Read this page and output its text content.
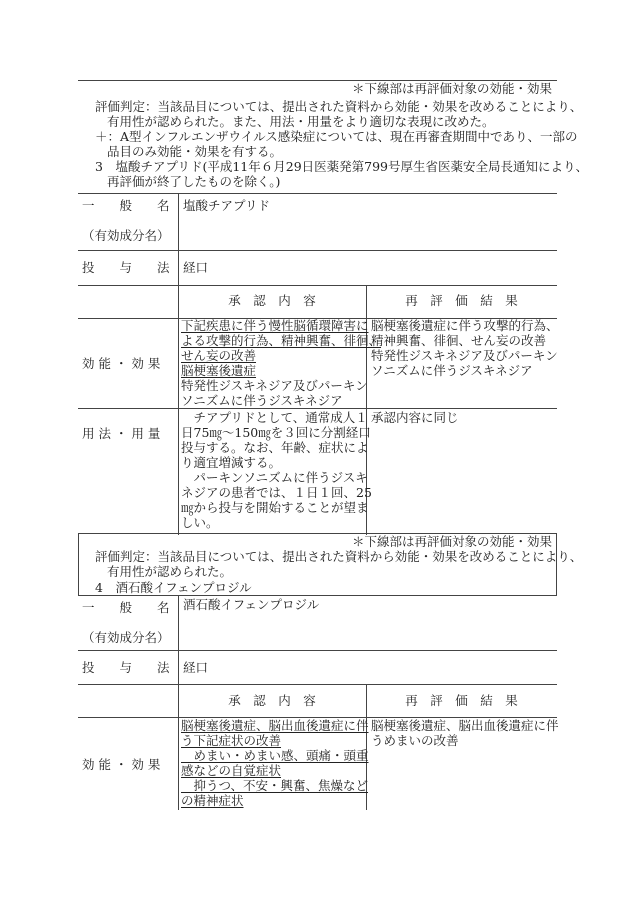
＊下線部は再評価対象の効能・効果
評価判定：当該品目については、提出された資料から効能・効果を改めることにより、
有用性が認められた。また、用法・用量をより適切な表現に改めた。
＋：A型インフルエンザウイルス感染症については、現在再審査期間中であり、一部の
品目のみ効能・効果を有する。
3　塩酸チアプリド(平成11年６月29日医薬発第799号厚生省医薬安全局長通知により、
再評価が終了したものを除く。)
一　　般　　名
（有効成分名）
塩酸チアプリド
投　　与　　法 経口
承　認　内　容	再　評　価　結　果
効 能 ・ 効 果
下記疾患に伴う慢性脳循環障害に
よる攻撃的行為、精神興奮、徘徊、
せん妄の改善
脳梗塞後遺症
特発性ジスキネジア及びパーキン
ソニズムに伴うジスキネジア
脳梗塞後遺症に伴う攻撃的行為、
精神興奮、徘徊、せん妄の改善
特発性ジスキネジア及びパーキン
ソニズムに伴うジスキネジア
用 法 ・ 用 量
　チアプリドとして、通常成人１
日75㎎～150㎎を３回に分割経口
投与する。なお、年齢、症状によ
り適宜増減する。
　パーキンソニズムに伴うジスキ
ネジアの患者では、１日１回、25
㎎から投与を開始することが望ま
しい。
承認内容に同じ
＊下線部は再評価対象の効能・効果
評価判定：当該品目については、提出された資料から効能・効果を改めることにより、
有用性が認められた。
4　酒石酸イフェンプロジル
一　　般　　名
（有効成分名）
酒石酸イフェンプロジル
投　　与　　法 経口
承　認　内　容	再　評　価　結　果
効 能 ・ 効 果
脳梗塞後遺症、脳出血後遺症に伴
う下記症状の改善
　めまい・めまい感、頭痛・頭重
感などの自覚症状
　抑うつ、不安・興奮、焦燥など
の精神症状
脳梗塞後遺症、脳出血後遺症に伴
うめまいの改善
